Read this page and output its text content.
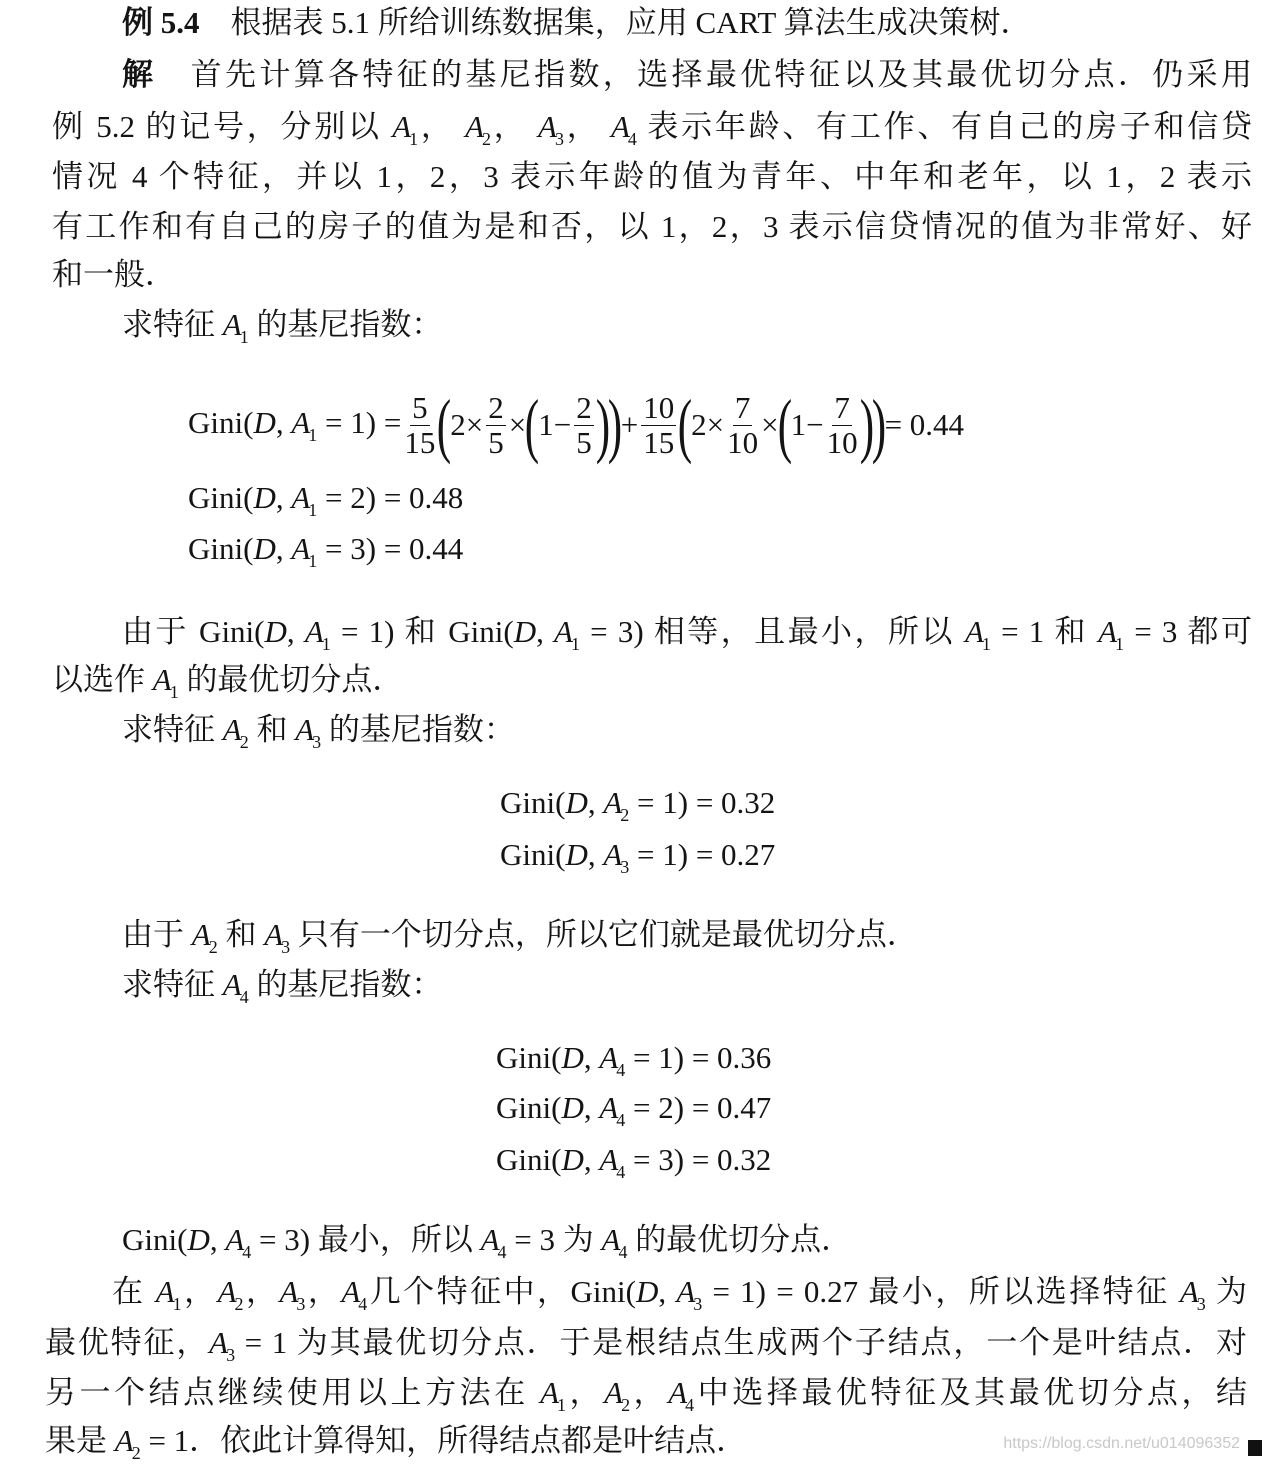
例 5.4　根据表 5.1 所给训练数据集，应用 CART 算法生成决策树．
解　首先计算各特征的基尼指数，选择最优特征以及其最优切分点．仍采用
例 5.2 的记号，分别以 $A_1$， $A_2$， $A_3$， $A_4$ 表示年龄、有工作、有自己的房子和信贷
情况 4 个特征，并以 1，2，3 表示年龄的值为青年、中年和老年，以 1，2 表示
有工作和有自己的房子的值为是和否，以 1，2，3 表示信贷情况的值为非常好、好
和一般．
求特征 $A_1$ 的基尼指数：
Gini(D, $A_1 = 1) = \frac{5}{15}$ (
$2\times \frac{2}{5}$ ×
(
$1- \frac{2}{5}$ )
)
+ $\frac{10}{15}$ (
$2\times \frac{7}{10}$ ×
(
$1- \frac{7}{10}$ )
)
= 0.44
Gini(D, $A_1 = 2) = 0.48$
Gini(D, $A_1 = 3) = 0.44$
由于 Gini(D, $A_1 = 1$) 和 Gini(D, $A_1 = 3$) 相等，且最小，所以 $A_1 = 1$ 和 $A_1 = 3$ 都可
以选作 $A_1$ 的最优切分点．
求特征 $A_2$ 和 $A_3$ 的基尼指数：
Gini(D, $A_2 = 1) = 0.32$
Gini(D, $A_3 = 1) = 0.27$
由于 $A_2$ 和 $A_3$ 只有一个切分点，所以它们就是最优切分点．
求特征 $A_4$ 的基尼指数：
Gini(D, $A_4 = 1) = 0.36$
Gini(D, $A_4 = 2) = 0.47$
Gini(D, $A_4 = 3) = 0.32$
Gini(D, $A_4 = 3$) 最小，所以 $A_4 = 3$ 为 $A_4$ 的最优切分点．
在 $A_1$，$A_2$，$A_3$，$A_4$几个特征中，Gini(D, $A_3 = 1) = 0.27$ 最小，所以选择特征 $A_3$ 为
最优特征，$A_3 = 1$ 为其最优切分点．于是根结点生成两个子结点，一个是叶结点．对
另一个结点继续使用以上方法在 $A_1$，$A_2$，$A_4$中选择最优特征及其最优切分点，结
果是 $A_2 = 1$．依此计算得知，所得结点都是叶结点．	https://blog.csdn.net/u014096352
